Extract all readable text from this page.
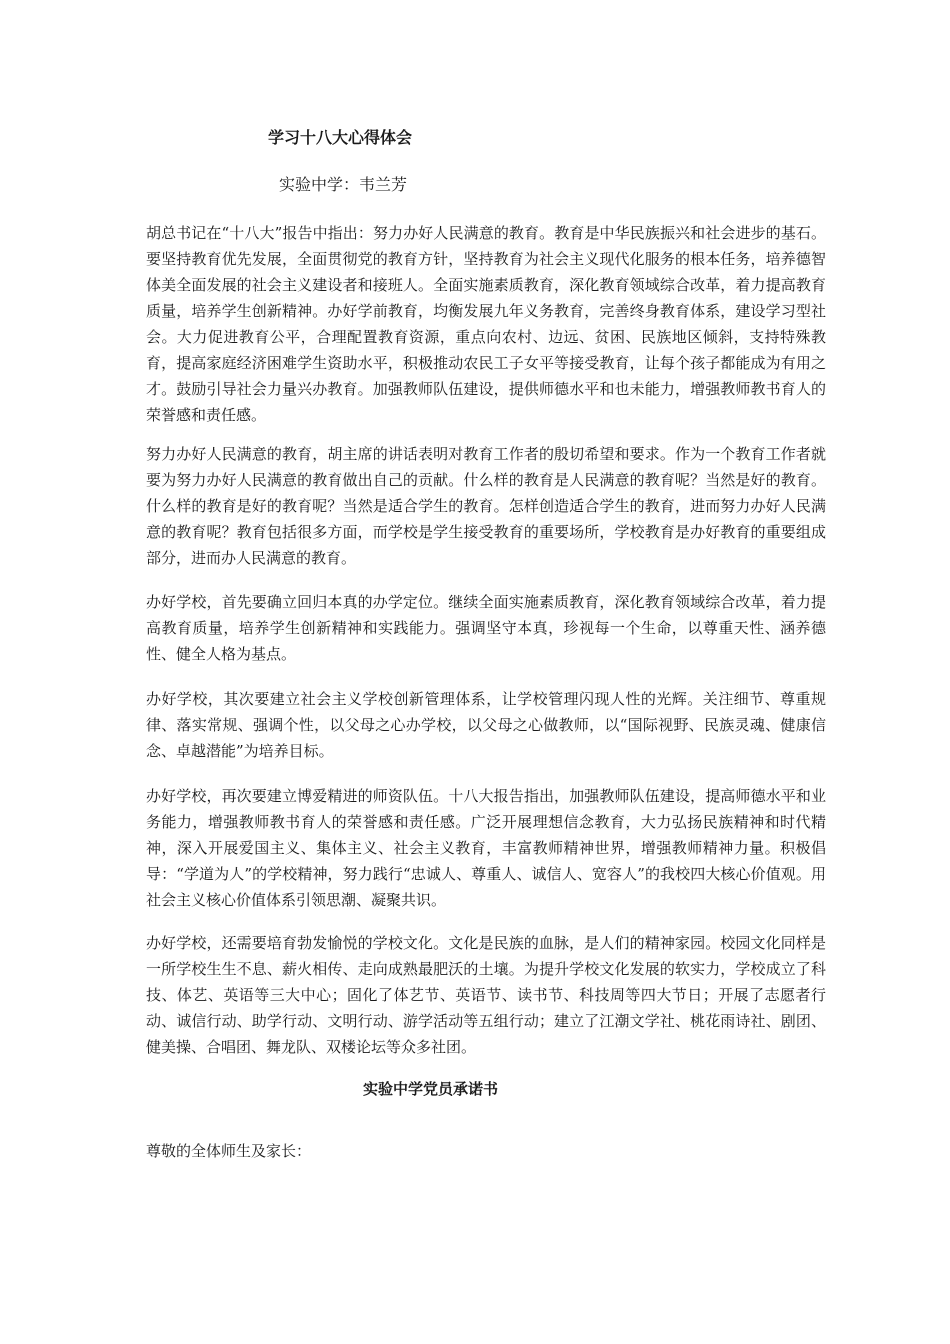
学习十八大心得体会
实验中学：韦兰芳

胡总书记在“十八大”报告中指出：努力办好人民满意的教育。教育是中华民族振兴和社会进步的基石。要坚持教育优先发展，全面贯彻党的教育方针，坚持教育为社会主义现代化服务的根本任务，培养德智体美全面发展的社会主义建设者和接班人。全面实施素质教育，深化教育领域综合改革，着力提高教育质量，培养学生创新精神。办好学前教育，均衡发展九年义务教育，完善终身教育体系，建设学习型社会。大力促进教育公平，合理配置教育资源，重点向农村、边远、贫困、民族地区倾斜，支持特殊教育，提高家庭经济困难学生资助水平，积极推动农民工子女平等接受教育，让每个孩子都能成为有用之才。鼓励引导社会力量兴办教育。加强教师队伍建设，提供师德水平和也未能力，增强教师教书育人的荣誉感和责任感。

努力办好人民满意的教育，胡主席的讲话表明对教育工作者的殷切希望和要求。作为一个教育工作者就要为努力办好人民满意的教育做出自己的贡献。什么样的教育是人民满意的教育呢？当然是好的教育。什么样的教育是好的教育呢？当然是适合学生的教育。怎样创造适合学生的教育，进而努力办好人民满意的教育呢？教育包括很多方面，而学校是学生接受教育的重要场所，学校教育是办好教育的重要组成部分，进而办人民满意的教育。

办好学校，首先要确立回归本真的办学定位。继续全面实施素质教育，深化教育领域综合改革，着力提高教育质量，培养学生创新精神和实践能力。强调坚守本真，珍视每一个生命，以尊重天性、涵养德性、健全人格为基点。

办好学校，其次要建立社会主义学校创新管理体系，让学校管理闪现人性的光辉。关注细节、尊重规律、落实常规、强调个性，以父母之心办学校，以父母之心做教师，以“国际视野、民族灵魂、健康信念、卓越潜能”为培养目标。

办好学校，再次要建立博爱精进的师资队伍。十八大报告指出，加强教师队伍建设，提高师德水平和业务能力，增强教师教书育人的荣誉感和责任感。广泛开展理想信念教育，大力弘扬民族精神和时代精神，深入开展爱国主义、集体主义、社会主义教育，丰富教师精神世界，增强教师精神力量。积极倡导：“学道为人”的学校精神，努力践行“忠诚人、尊重人、诚信人、宽容人”的我校四大核心价值观。用社会主义核心价值体系引领思潮、凝聚共识。

办好学校，还需要培育勃发愉悦的学校文化。文化是民族的血脉，是人们的精神家园。校园文化同样是一所学校生生不息、薪火相传、走向成熟最肥沃的土壤。为提升学校文化发展的软实力，学校成立了科技、体艺、英语等三大中心；固化了体艺节、英语节、读书节、科技周等四大节日；开展了志愿者行动、诚信行动、助学行动、文明行动、游学活动等五组行动；建立了江潮文学社、桃花雨诗社、剧团、健美操、合唱团、舞龙队、双楼论坛等众多社团。

实验中学党员承诺书
尊敬的全体师生及家长：
